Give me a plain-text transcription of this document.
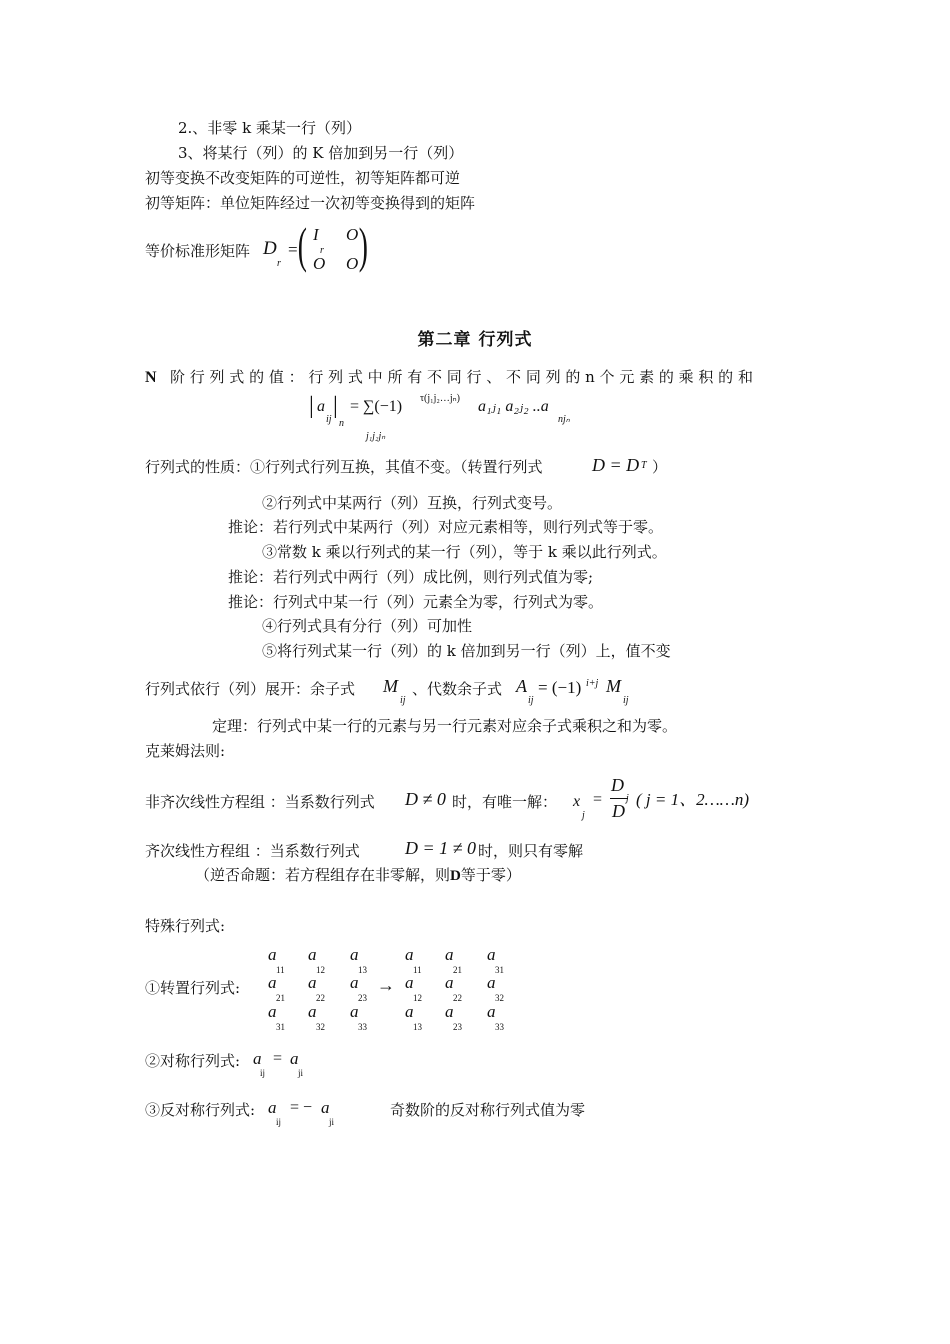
2.、非零 k 乘某一行（列）
3、将某行（列）的 K 倍加到另一行（列）
初等变换不改变矩阵的可逆性，初等矩阵都可逆
初等矩阵：单位矩阵经过一次初等变换得到的矩阵
等价标准形矩阵 D
r
= ( I
r
O
O O )
第二章 行列式
N 阶 行 列 式 的 值 ： 行 列 式 中 所 有 不 同 行 、 不 同 列 的 n 个 元 素 的 乘 积 的 和
| a
ij
|
n
= ∑(−1) τ(j₁j₂…jₙ) a₁ⱼ₁ a₂ⱼ₂ ..a
njₙ
j₁j₂jₙ
行列式的性质：①行列式行列互换，其值不变。（转置行列式	D = D T ）
②行列式中某两行（列）互换，行列式变号。
推论：若行列式中某两行（列）对应元素相等，则行列式等于零。
③常数 k 乘以行列式的某一行（列），等于 k 乘以此行列式。
推论：若行列式中两行（列）成比例，则行列式值为零;
推论：行列式中某一行（列）元素全为零，行列式为零。
④行列式具有分行（列）可加性
⑤将行列式某一行（列）的 k 倍加到另一行（列）上，值不变
行列式依行（列）展开：余子式 M
ij
、代数余子式 A
ij
= (−1) i+j M
ij
定理：行列式中某一行的元素与另一行元素对应余子式乘积之和为零。
克莱姆法则:
非齐次线性方程组 ：当系数行列式 D ≠ 0 时，有唯一解： x
j
=
D
D
( j = 1、2……n)
齐次线性方程组 ：当系数行列式	D = 1 ≠ 0 时，则只有零解
（逆否命题：若方程组存在非零解，则D等于零）
特殊行列式:
①转置行列式:
a
11
a
12
a
13
a
21
a
22
a
23
a
31
a
32
a
33
→
a
11
a
21
a
31
a
12
a
22
a
32
a
13
a
23
a
33
②对称行列式: a
ij
= a
ji
③反对称行列式: a
ij
= − a
ji
奇数阶的反对称行列式值为零
